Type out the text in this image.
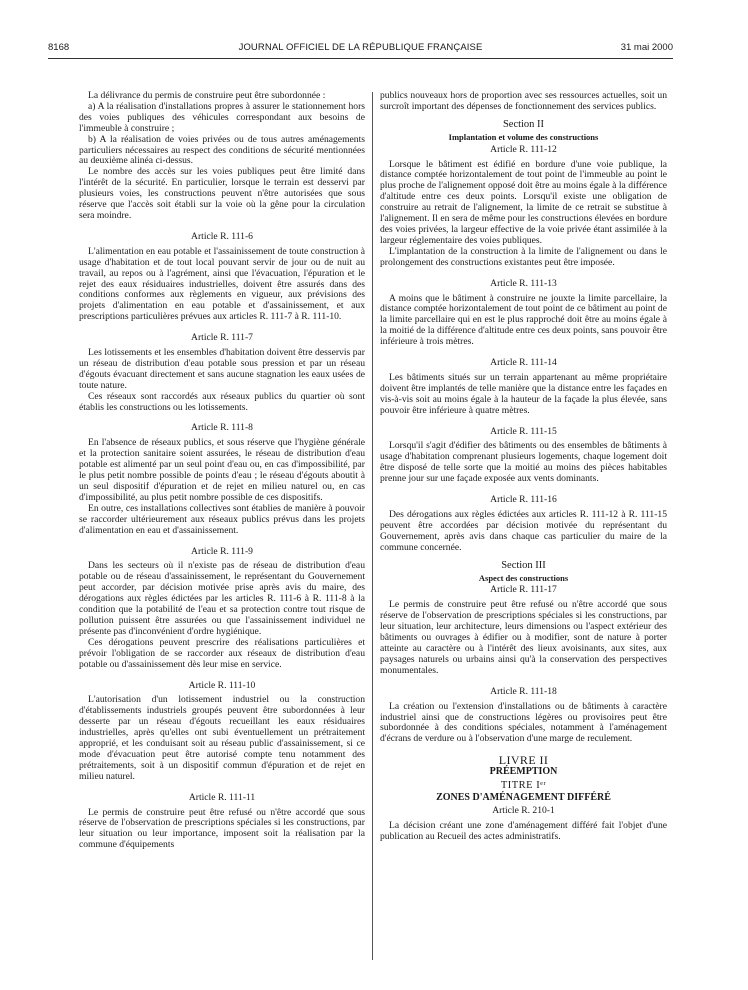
8168	JOURNAL OFFICIEL DE LA RÉPUBLIQUE FRANÇAISE	31 mai 2000

La délivrance du permis de construire peut être subordonnée :

a) A la réalisation d'installations propres à assurer le stationnement hors des voies publiques des véhicules correspondant aux besoins de l'immeuble à construire ;

b) A la réalisation de voies privées ou de tous autres aménagements particuliers nécessaires au respect des conditions de sécurité mentionnées au deuxième alinéa ci-dessus.

Le nombre des accès sur les voies publiques peut être limité dans l'intérêt de la sécurité. En particulier, lorsque le terrain est desservi par plusieurs voies, les constructions peuvent n'être autorisées que sous réserve que l'accès soit établi sur la voie où la gêne pour la circulation sera moindre.

Article R. 111-6

L'alimentation en eau potable et l'assainissement de toute construction à usage d'habitation et de tout local pouvant servir de jour ou de nuit au travail, au repos ou à l'agrément, ainsi que l'évacuation, l'épuration et le rejet des eaux résiduaires industrielles, doivent être assurés dans des conditions conformes aux règlements en vigueur, aux prévisions des projets d'alimentation en eau potable et d'assainissement, et aux prescriptions particulières prévues aux articles R. 111-7 à R. 111-10.

Article R. 111-7

Les lotissements et les ensembles d'habitation doivent être desservis par un réseau de distribution d'eau potable sous pression et par un réseau d'égouts évacuant directement et sans aucune stagnation les eaux usées de toute nature.

Ces réseaux sont raccordés aux réseaux publics du quartier où sont établis les constructions ou les lotissements.

Article R. 111-8

En l'absence de réseaux publics, et sous réserve que l'hygiène générale et la protection sanitaire soient assurées, le réseau de distribution d'eau potable est alimenté par un seul point d'eau ou, en cas d'impossibilité, par le plus petit nombre possible de points d'eau ; le réseau d'égouts aboutit à un seul dispositif d'épuration et de rejet en milieu naturel ou, en cas d'impossibilité, au plus petit nombre possible de ces dispositifs.

En outre, ces installations collectives sont établies de manière à pouvoir se raccorder ultérieurement aux réseaux publics prévus dans les projets d'alimentation en eau et d'assainissement.

Article R. 111-9

Dans les secteurs où il n'existe pas de réseau de distribution d'eau potable ou de réseau d'assainissement, le représentant du Gouvernement peut accorder, par décision motivée prise après avis du maire, des dérogations aux règles édictées par les articles R. 111-6 à R. 111-8 à la condition que la potabilité de l'eau et sa protection contre tout risque de pollution puissent être assurées ou que l'assainissement individuel ne présente pas d'inconvénient d'ordre hygiénique.

Ces dérogations peuvent prescrire des réalisations particulières et prévoir l'obligation de se raccorder aux réseaux de distribution d'eau potable ou d'assainissement dès leur mise en service.

Article R. 111-10

L'autorisation d'un lotissement industriel ou la construction d'établissements industriels groupés peuvent être subordonnées à leur desserte par un réseau d'égouts recueillant les eaux résiduaires industrielles, après qu'elles ont subi éventuellement un prétraitement approprié, et les conduisant soit au réseau public d'assainissement, si ce mode d'évacuation peut être autorisé compte tenu notamment des prétraitements, soit à un dispositif commun d'épuration et de rejet en milieu naturel.

Article R. 111-11

Le permis de construire peut être refusé ou n'être accordé que sous réserve de l'observation de prescriptions spéciales si les constructions, par leur situation ou leur importance, imposent soit la réalisation par la commune d'équipements

publics nouveaux hors de proportion avec ses ressources actuelles, soit un surcroît important des dépenses de fonctionnement des services publics.

Section II
Implantation et volume des constructions
Article R. 111-12

Lorsque le bâtiment est édifié en bordure d'une voie publique, la distance comptée horizontalement de tout point de l'immeuble au point le plus proche de l'alignement opposé doit être au moins égale à la différence d'altitude entre ces deux points. Lorsqu'il existe une obligation de construire au retrait de l'alignement, la limite de ce retrait se substitue à l'alignement. Il en sera de même pour les constructions élevées en bordure des voies privées, la largeur effective de la voie privée étant assimilée à la largeur réglementaire des voies publiques.

L'implantation de la construction à la limite de l'alignement ou dans le prolongement des constructions existantes peut être imposée.

Article R. 111-13

A moins que le bâtiment à construire ne jouxte la limite parcellaire, la distance comptée horizontalement de tout point de ce bâtiment au point de la limite parcellaire qui en est le plus rapproché doit être au moins égale à la moitié de la différence d'altitude entre ces deux points, sans pouvoir être inférieure à trois mètres.

Article R. 111-14

Les bâtiments situés sur un terrain appartenant au même propriétaire doivent être implantés de telle manière que la distance entre les façades en vis-à-vis soit au moins égale à la hauteur de la façade la plus élevée, sans pouvoir être inférieure à quatre mètres.

Article R. 111-15

Lorsqu'il s'agit d'édifier des bâtiments ou des ensembles de bâtiments à usage d'habitation comprenant plusieurs logements, chaque logement doit être disposé de telle sorte que la moitié au moins des pièces habitables prenne jour sur une façade exposée aux vents dominants.

Article R. 111-16

Des dérogations aux règles édictées aux articles R. 111-12 à R. 111-15 peuvent être accordées par décision motivée du représentant du Gouvernement, après avis dans chaque cas particulier du maire de la commune concernée.

Section III
Aspect des constructions
Article R. 111-17

Le permis de construire peut être refusé ou n'être accordé que sous réserve de l'observation de prescriptions spéciales si les constructions, par leur situation, leur architecture, leurs dimensions ou l'aspect extérieur des bâtiments ou ouvrages à édifier ou à modifier, sont de nature à porter atteinte au caractère ou à l'intérêt des lieux avoisinants, aux sites, aux paysages naturels ou urbains ainsi qu'à la conservation des perspectives monumentales.

Article R. 111-18

La création ou l'extension d'installations ou de bâtiments à caractère industriel ainsi que de constructions légères ou provisoires peut être subordonnée à des conditions spéciales, notamment à l'aménagement d'écrans de verdure ou à l'observation d'une marge de reculement.

LIVRE II
PRÉEMPTION
TITRE Iᵉʳ
ZONES D'AMÉNAGEMENT DIFFÉRÉ
Article R. 210-1

La décision créant une zone d'aménagement différé fait l'objet d'une publication au Recueil des actes administratifs.
